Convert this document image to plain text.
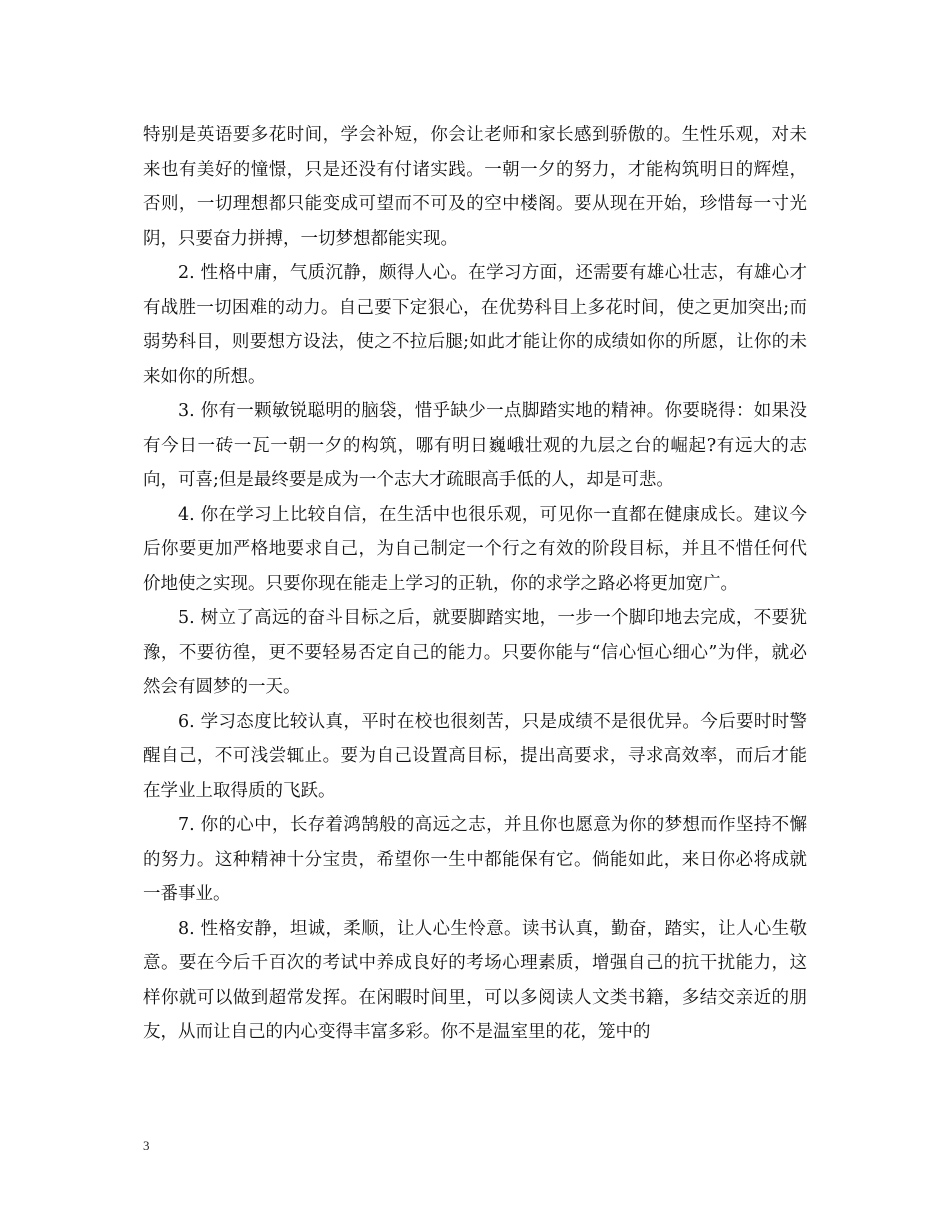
特别是英语要多花时间，学会补短，你会让老师和家长感到骄傲的。生性乐观，对未来也有美好的憧憬，只是还没有付诸实践。一朝一夕的努力，才能构筑明日的辉煌，否则，一切理想都只能变成可望而不可及的空中楼阁。要从现在开始，珍惜每一寸光阴，只要奋力拼搏，一切梦想都能实现。

2. 性格中庸，气质沉静，颇得人心。在学习方面，还需要有雄心壮志，有雄心才有战胜一切困难的动力。自己要下定狠心，在优势科目上多花时间，使之更加突出;而弱势科目，则要想方设法，使之不拉后腿;如此才能让你的成绩如你的所愿，让你的未来如你的所想。

3. 你有一颗敏锐聪明的脑袋，惜乎缺少一点脚踏实地的精神。你要晓得：如果没有今日一砖一瓦一朝一夕的构筑，哪有明日巍峨壮观的九层之台的崛起?有远大的志向，可喜;但是最终要是成为一个志大才疏眼高手低的人，却是可悲。

4. 你在学习上比较自信，在生活中也很乐观，可见你一直都在健康成长。建议今后你要更加严格地要求自己，为自己制定一个行之有效的阶段目标，并且不惜任何代价地使之实现。只要你现在能走上学习的正轨，你的求学之路必将更加宽广。

5. 树立了高远的奋斗目标之后，就要脚踏实地，一步一个脚印地去完成，不要犹豫，不要彷徨，更不要轻易否定自己的能力。只要你能与“信心恒心细心”为伴，就必然会有圆梦的一天。

6. 学习态度比较认真，平时在校也很刻苦，只是成绩不是很优异。今后要时时警醒自己，不可浅尝辄止。要为自己设置高目标，提出高要求，寻求高效率，而后才能在学业上取得质的飞跃。

7. 你的心中，长存着鸿鹄般的高远之志，并且你也愿意为你的梦想而作坚持不懈的努力。这种精神十分宝贵，希望你一生中都能保有它。倘能如此，来日你必将成就一番事业。

8. 性格安静，坦诚，柔顺，让人心生怜意。读书认真，勤奋，踏实，让人心生敬意。要在今后千百次的考试中养成良好的考场心理素质，增强自己的抗干扰能力，这样你就可以做到超常发挥。在闲暇时间里，可以多阅读人文类书籍，多结交亲近的朋友，从而让自己的内心变得丰富多彩。你不是温室里的花，笼中的

3
